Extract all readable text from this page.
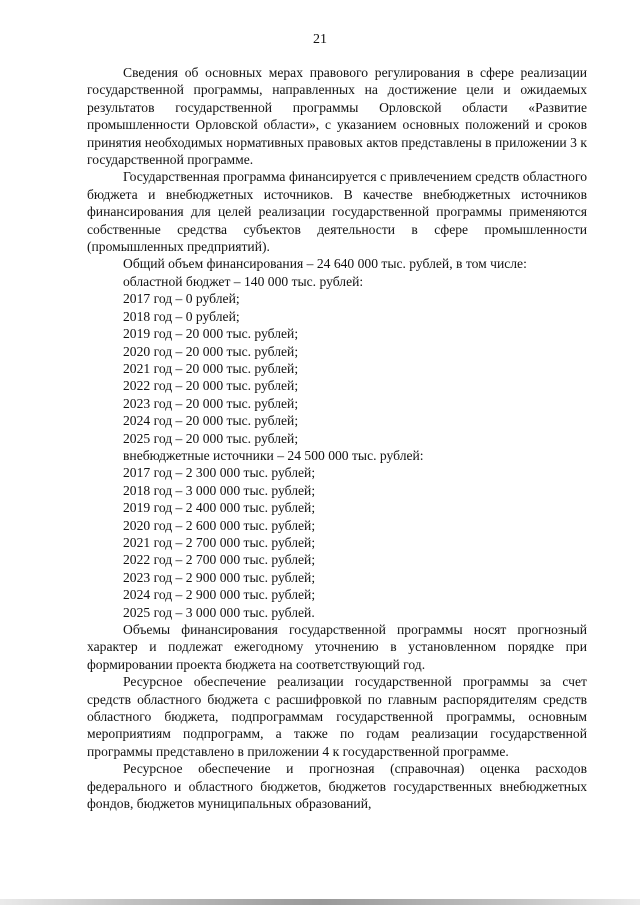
21

Сведения об основных мерах правового регулирования в сфере реализации государственной программы, направленных на достижение цели и ожидаемых результатов государственной программы Орловской области «Развитие промышленности Орловской области», с указанием основных положений и сроков принятия необходимых нормативных правовых актов представлены в приложении 3 к государственной программе.

Государственная программа финансируется с привлечением средств областного бюджета и внебюджетных источников. В качестве внебюджетных источников финансирования для целей реализации государственной программы применяются собственные средства субъектов деятельности в сфере промышленности (промышленных предприятий).

Общий объем финансирования – 24 640 000 тыс. рублей, в том числе:
областной бюджет – 140 000 тыс. рублей:
2017 год – 0 рублей;
2018 год – 0 рублей;
2019 год – 20 000 тыс. рублей;
2020 год – 20 000 тыс. рублей;
2021 год – 20 000 тыс. рублей;
2022 год – 20 000 тыс. рублей;
2023 год – 20 000 тыс. рублей;
2024 год – 20 000 тыс. рублей;
2025 год – 20 000 тыс. рублей;
внебюджетные источники – 24 500 000 тыс. рублей:
2017 год – 2 300 000 тыс. рублей;
2018 год – 3 000 000 тыс. рублей;
2019 год – 2 400 000 тыс. рублей;
2020 год – 2 600 000 тыс. рублей;
2021 год – 2 700 000 тыс. рублей;
2022 год – 2 700 000 тыс. рублей;
2023 год – 2 900 000 тыс. рублей;
2024 год – 2 900 000 тыс. рублей;
2025 год – 3 000 000 тыс. рублей.

Объемы финансирования государственной программы носят прогнозный характер и подлежат ежегодному уточнению в установленном порядке при формировании проекта бюджета на соответствующий год.

Ресурсное обеспечение реализации государственной программы за счет средств областного бюджета с расшифровкой по главным распорядителям средств областного бюджета, подпрограммам государственной программы, основным мероприятиям подпрограмм, а также по годам реализации государственной программы представлено в приложении 4 к государственной программе.

Ресурсное обеспечение и прогнозная (справочная) оценка расходов федерального и областного бюджетов, бюджетов государственных внебюджетных фондов, бюджетов муниципальных образований,
